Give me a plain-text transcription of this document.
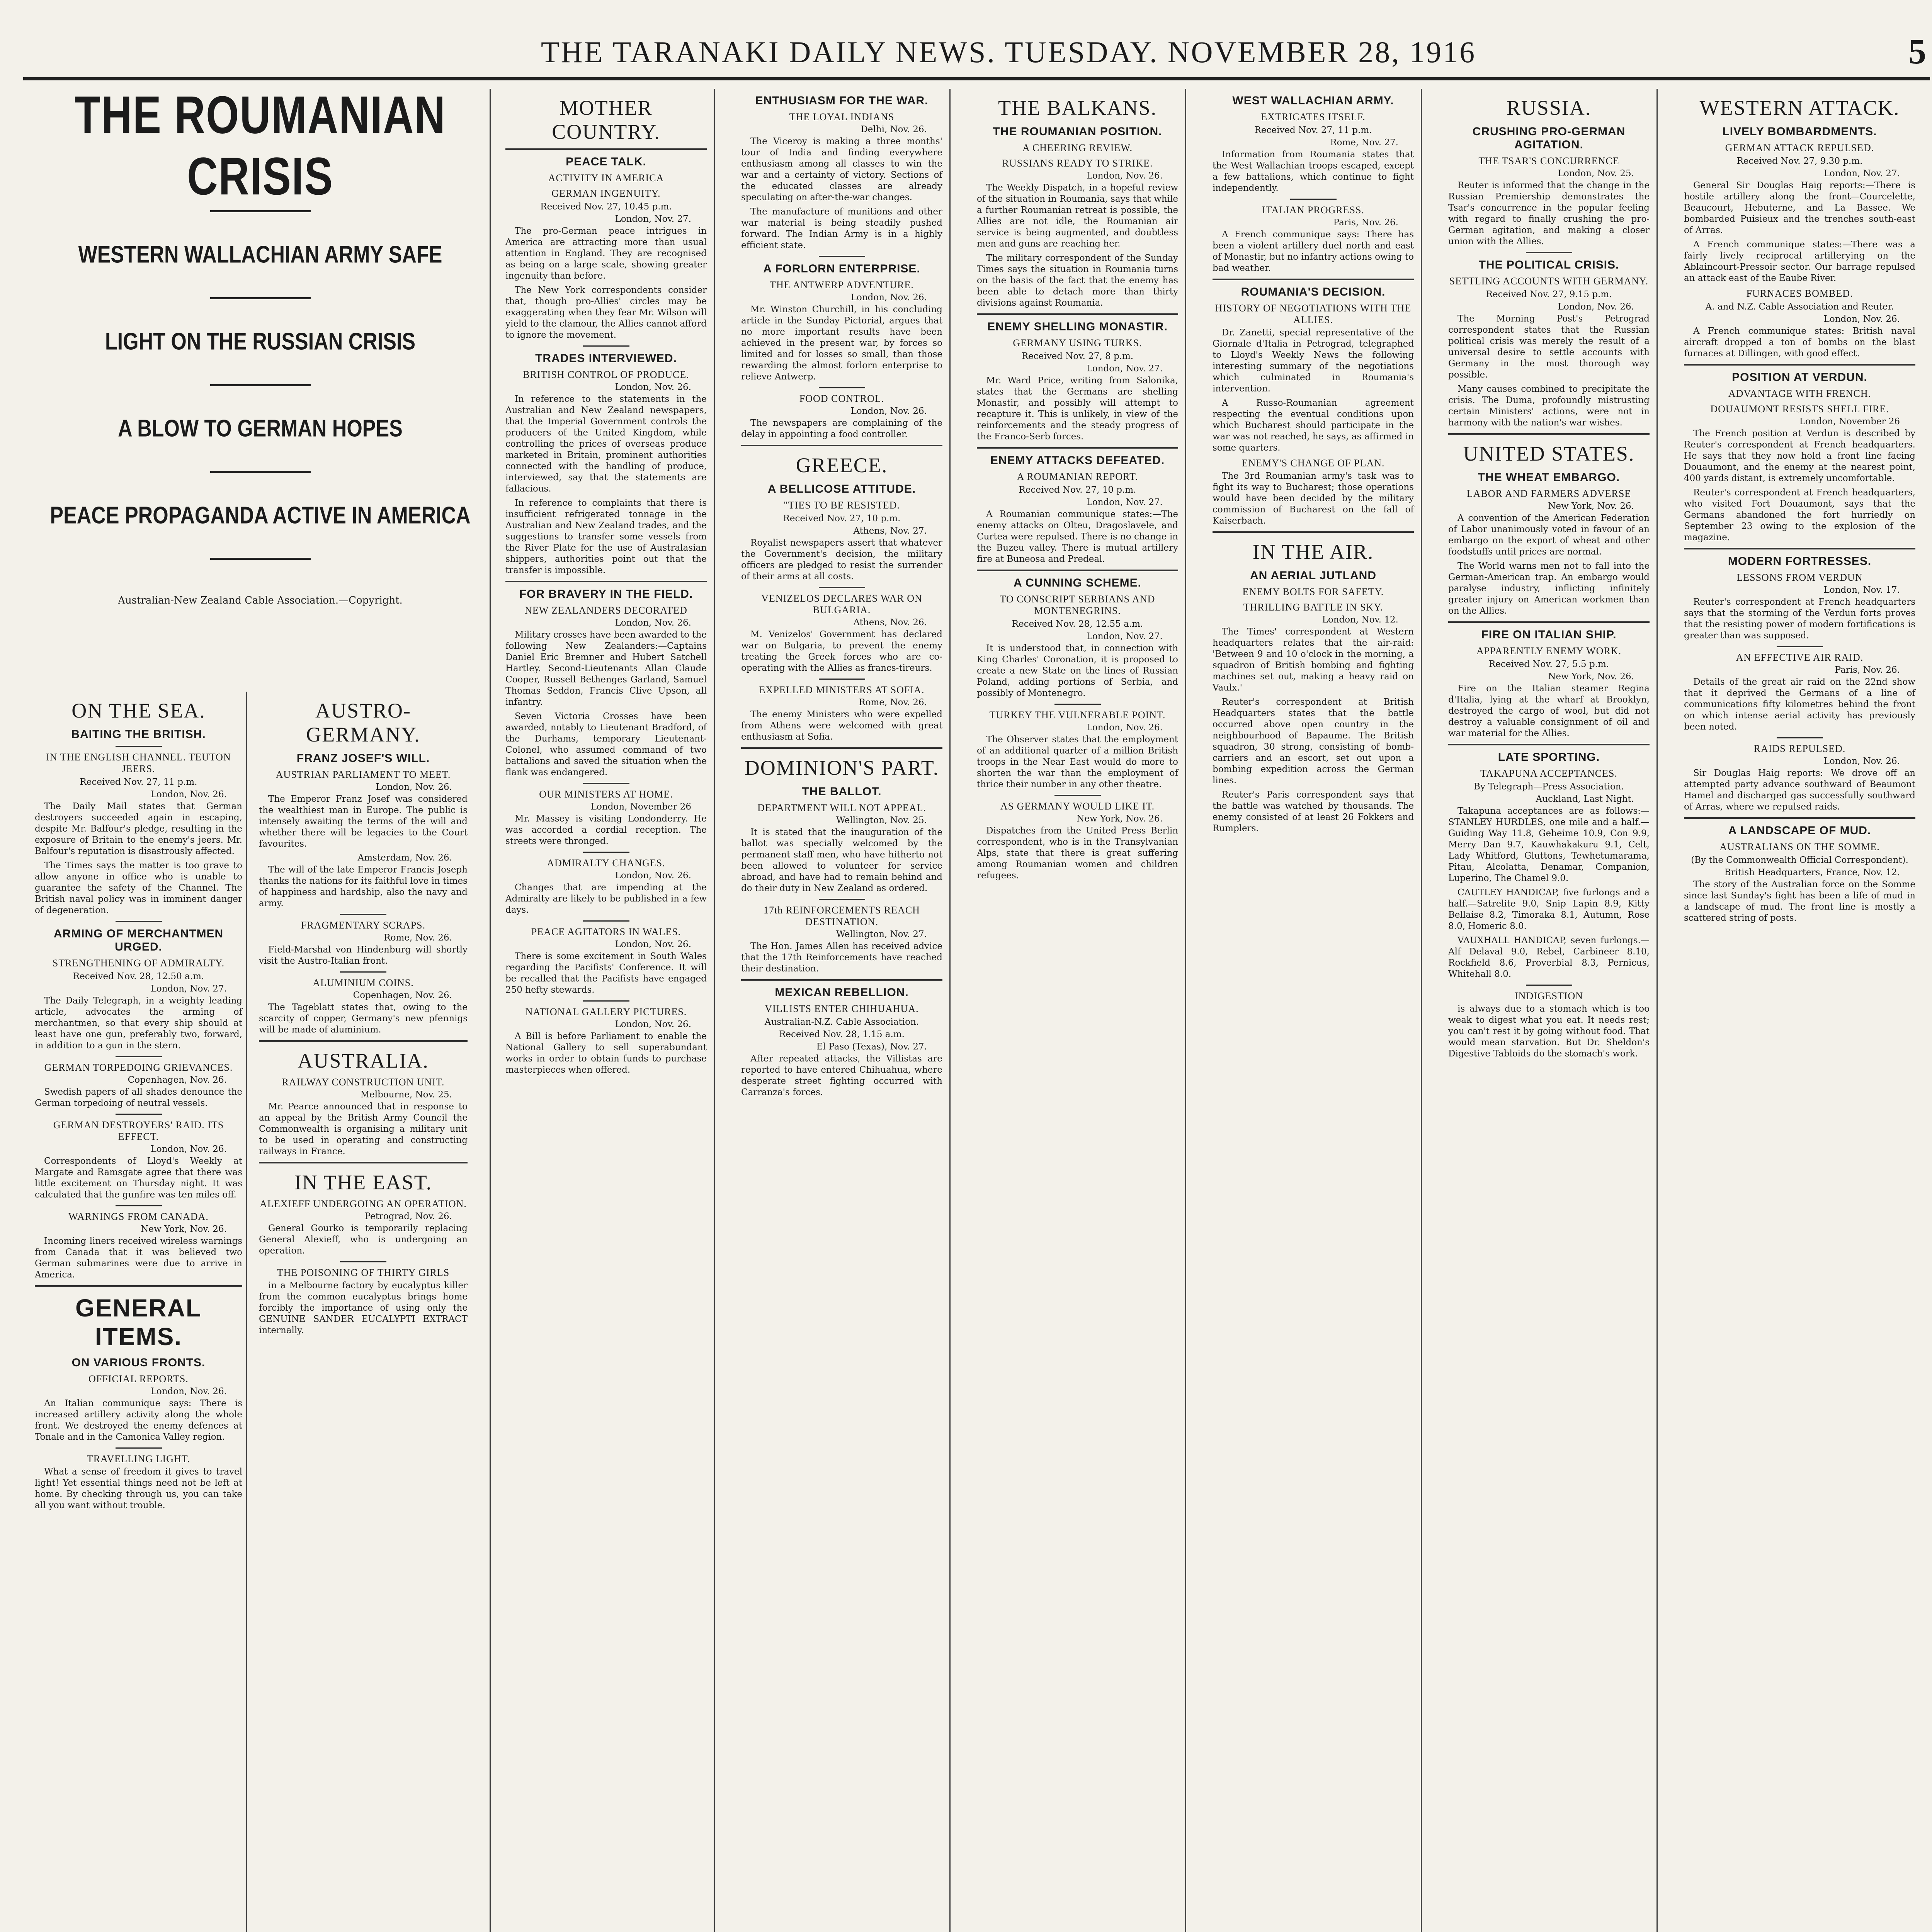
THE TARANAKI DAILY NEWS. TUESDAY. NOVEMBER 28, 1916	5
THE ROUMANIAN CRISIS
WESTERN WALLACHIAN ARMY SAFE
LIGHT ON THE RUSSIAN CRISIS
A BLOW TO GERMAN HOPES
PEACE PROPAGANDA ACTIVE IN AMERICA
Australian-New Zealand Cable Association.—Copyright.
ON THE SEA.
BAITING THE BRITISH.
IN THE ENGLISH CHANNEL. TEUTON JEERS.
Received Nov. 27, 11 p.m.
London, Nov. 26.

The Daily Mail states that German destroyers succeeded again in escaping, despite Mr. Balfour's pledge, resulting in the exposure of Britain to the enemy's jeers. Mr. Balfour's reputation is disastrously affected.

The Times says the matter is too grave to allow anyone in office who is unable to guarantee the safety of the Channel. The British naval policy was in imminent danger of degeneration.

ARMING OF MERCHANTMEN URGED.
STRENGTHENING OF ADMIRALTY.
Received Nov. 28, 12.50 a.m.
London, Nov. 27.

The Daily Telegraph, in a weighty leading article, advocates the arming of merchantmen, so that every ship should at least have one gun, preferably two, forward, in addition to a gun in the stern.

GERMAN TORPEDOING GRIEVANCES.
Copenhagen, Nov. 26.

Swedish papers of all shades denounce the German torpedoing of neutral vessels.

GERMAN DESTROYERS' RAID. ITS EFFECT.
London, Nov. 26.

Correspondents of Lloyd's Weekly at Margate and Ramsgate agree that there was little excitement on Thursday night. It was calculated that the gunfire was ten miles off.

WARNINGS FROM CANADA.
New York, Nov. 26.

Incoming liners received wireless warnings from Canada that it was believed two German submarines were due to arrive in America.

GENERAL ITEMS.
ON VARIOUS FRONTS.
OFFICIAL REPORTS.
London, Nov. 26.

An Italian communique says: There is increased artillery activity along the whole front. We destroyed the enemy defences at Tonale and in the Camonica Valley region.

TRAVELLING LIGHT.

What a sense of freedom it gives to travel light! Yet essential things need not be left at home. By checking through us, you can take all you want without trouble.

AUSTRO-GERMANY.
FRANZ JOSEF'S WILL.
AUSTRIAN PARLIAMENT TO MEET.
London, Nov. 26.

The Emperor Franz Josef was considered the wealthiest man in Europe. The public is intensely awaiting the terms of the will and whether there will be legacies to the Court favourites.

Amsterdam, Nov. 26.

The will of the late Emperor Francis Joseph thanks the nations for its faithful love in times of happiness and hardship, also the navy and army.

FRAGMENTARY SCRAPS.
Rome, Nov. 26.

Field-Marshal von Hindenburg will shortly visit the Austro-Italian front.

ALUMINIUM COINS.
Copenhagen, Nov. 26.

The Tageblatt states that, owing to the scarcity of copper, Germany's new pfennigs will be made of aluminium.

AUSTRALIA.
RAILWAY CONSTRUCTION UNIT.
Melbourne, Nov. 25.

Mr. Pearce announced that in response to an appeal by the British Army Council the Commonwealth is organising a military unit to be used in operating and constructing railways in France.

IN THE EAST.
ALEXIEFF UNDERGOING AN OPERATION.
Petrograd, Nov. 26.

General Gourko is temporarily replacing General Alexieff, who is undergoing an operation.

THE POISONING OF THIRTY GIRLS

in a Melbourne factory by eucalyptus killer from the common eucalyptus brings home forcibly the importance of using only the GENUINE SANDER EUCALYPTI EXTRACT internally.

MOTHER COUNTRY.
PEACE TALK.
ACTIVITY IN AMERICA
GERMAN INGENUITY.
Received Nov. 27, 10.45 p.m.
London, Nov. 27.

The pro-German peace intrigues in America are attracting more than usual attention in England. They are recognised as being on a large scale, showing greater ingenuity than before.

The New York correspondents consider that, though pro-Allies' circles may be exaggerating when they fear Mr. Wilson will yield to the clamour, the Allies cannot afford to ignore the movement.

TRADES INTERVIEWED.
BRITISH CONTROL OF PRODUCE.
London, Nov. 26.

In reference to the statements in the Australian and New Zealand newspapers, that the Imperial Government controls the producers of the United Kingdom, while controlling the prices of overseas produce marketed in Britain, prominent authorities connected with the handling of produce, interviewed, say that the statements are fallacious.

In reference to complaints that there is insufficient refrigerated tonnage in the Australian and New Zealand trades, and the suggestions to transfer some vessels from the River Plate for the use of Australasian shippers, authorities point out that the transfer is impossible.

FOR BRAVERY IN THE FIELD.
NEW ZEALANDERS DECORATED
London, Nov. 26.

Military crosses have been awarded to the following New Zealanders:—Captains Daniel Eric Bremner and Hubert Satchell Hartley. Second-Lieutenants Allan Claude Cooper, Russell Bethenges Garland, Samuel Thomas Seddon, Francis Clive Upson, all infantry.

Seven Victoria Crosses have been awarded, notably to Lieutenant Bradford, of the Durhams, temporary Lieutenant-Colonel, who assumed command of two battalions and saved the situation when the flank was endangered.

OUR MINISTERS AT HOME.
London, November 26

Mr. Massey is visiting Londonderry. He was accorded a cordial reception. The streets were thronged.

ADMIRALTY CHANGES.
London, Nov. 26.

Changes that are impending at the Admiralty are likely to be published in a few days.

PEACE AGITATORS IN WALES.
London, Nov. 26.

There is some excitement in South Wales regarding the Pacifists' Conference. It will be recalled that the Pacifists have engaged 250 hefty stewards.

NATIONAL GALLERY PICTURES.
London, Nov. 26.

A Bill is before Parliament to enable the National Gallery to sell superabundant works in order to obtain funds to purchase masterpieces when offered.

ENTHUSIASM FOR THE WAR.
THE LOYAL INDIANS
Delhi, Nov. 26.

The Viceroy is making a three months' tour of India and finding everywhere enthusiasm among all classes to win the war and a certainty of victory. Sections of the educated classes are already speculating on after-the-war changes.

The manufacture of munitions and other war material is being steadily pushed forward. The Indian Army is in a highly efficient state.

A FORLORN ENTERPRISE.
THE ANTWERP ADVENTURE.
London, Nov. 26.

Mr. Winston Churchill, in his concluding article in the Sunday Pictorial, argues that no more important results have been achieved in the present war, by forces so limited and for losses so small, than those rewarding the almost forlorn enterprise to relieve Antwerp.

FOOD CONTROL.
London, Nov. 26.

The newspapers are complaining of the delay in appointing a food controller.

GREECE.
A BELLICOSE ATTITUDE.
"TIES TO BE RESISTED.
Received Nov. 27, 10 p.m.
Athens, Nov. 27.

Royalist newspapers assert that whatever the Government's decision, the military officers are pledged to resist the surrender of their arms at all costs.

VENIZELOS DECLARES WAR ON BULGARIA.
Athens, Nov. 26.

M. Venizelos' Government has declared war on Bulgaria, to prevent the enemy treating the Greek forces who are co-operating with the Allies as francs-tireurs.

EXPELLED MINISTERS AT SOFIA.
Rome, Nov. 26.

The enemy Ministers who were expelled from Athens were welcomed with great enthusiasm at Sofia.

DOMINION'S PART.
THE BALLOT.
DEPARTMENT WILL NOT APPEAL.
Wellington, Nov. 25.

It is stated that the inauguration of the ballot was specially welcomed by the permanent staff men, who have hitherto not been allowed to volunteer for service abroad, and have had to remain behind and do their duty in New Zealand as ordered.

17th REINFORCEMENTS REACH DESTINATION.
Wellington, Nov. 27.

The Hon. James Allen has received advice that the 17th Reinforcements have reached their destination.

MEXICAN REBELLION.
VILLISTS ENTER CHIHUAHUA.
Australian-N.Z. Cable Association.
Received Nov. 28, 1.15 a.m.
El Paso (Texas), Nov. 27.

After repeated attacks, the Villistas are reported to have entered Chihuahua, where desperate street fighting occurred with Carranza's forces.

THE BALKANS.
THE ROUMANIAN POSITION.
A CHEERING REVIEW.
RUSSIANS READY TO STRIKE.
London, Nov. 26.

The Weekly Dispatch, in a hopeful review of the situation in Roumania, says that while a further Roumanian retreat is possible, the Allies are not idle, the Roumanian air service is being augmented, and doubtless men and guns are reaching her.

The military correspondent of the Sunday Times says the situation in Roumania turns on the basis of the fact that the enemy has been able to detach more than thirty divisions against Roumania.

ENEMY SHELLING MONASTIR.
GERMANY USING TURKS.
Received Nov. 27, 8 p.m.
London, Nov. 27.

Mr. Ward Price, writing from Salonika, states that the Germans are shelling Monastir, and possibly will attempt to recapture it. This is unlikely, in view of the reinforcements and the steady progress of the Franco-Serb forces.

ENEMY ATTACKS DEFEATED.
A ROUMANIAN REPORT.
Received Nov. 27, 10 p.m.
London, Nov. 27.

A Roumanian communique states:—The enemy attacks on Olteu, Dragoslavele, and Curtea were repulsed. There is no change in the Buzeu valley. There is mutual artillery fire at Buneosa and Predeal.

A CUNNING SCHEME.
TO CONSCRIPT SERBIANS AND MONTENEGRINS.
Received Nov. 28, 12.55 a.m.
London, Nov. 27.

It is understood that, in connection with King Charles' Coronation, it is proposed to create a new State on the lines of Russian Poland, adding portions of Serbia, and possibly of Montenegro.

TURKEY THE VULNERABLE POINT.
London, Nov. 26.

The Observer states that the employment of an additional quarter of a million British troops in the Near East would do more to shorten the war than the employment of thrice their number in any other theatre.

AS GERMANY WOULD LIKE IT.
New York, Nov. 26.

Dispatches from the United Press Berlin correspondent, who is in the Transylvanian Alps, state that there is great suffering among Roumanian women and children refugees.

WEST WALLACHIAN ARMY.
EXTRICATES ITSELF.
Received Nov. 27, 11 p.m.
Rome, Nov. 27.

Information from Roumania states that the West Wallachian troops escaped, except a few battalions, which continue to fight independently.

ITALIAN PROGRESS.
Paris, Nov. 26.

A French communique says: There has been a violent artillery duel north and east of Monastir, but no infantry actions owing to bad weather.

ROUMANIA'S DECISION.
HISTORY OF NEGOTIATIONS WITH THE ALLIES.

Dr. Zanetti, special representative of the Giornale d'Italia in Petrograd, telegraphed to Lloyd's Weekly News the following interesting summary of the negotiations which culminated in Roumania's intervention.

A Russo-Roumanian agreement respecting the eventual conditions upon which Bucharest should participate in the war was not reached, he says, as affirmed in some quarters.

ENEMY'S CHANGE OF PLAN.

The 3rd Roumanian army's task was to fight its way to Bucharest; those operations would have been decided by the military commission of Bucharest on the fall of Kaiserbach.

IN THE AIR.
AN AERIAL JUTLAND
ENEMY BOLTS FOR SAFETY.
THRILLING BATTLE IN SKY.
London, Nov. 12.

The Times' correspondent at Western headquarters relates that the air-raid: 'Between 9 and 10 o'clock in the morning, a squadron of British bombing and fighting machines set out, making a heavy raid on Vaulx.'

Reuter's correspondent at British Headquarters states that the battle occurred above open country in the neighbourhood of Bapaume. The British squadron, 30 strong, consisting of bomb-carriers and an escort, set out upon a bombing expedition across the German lines.

Reuter's Paris correspondent says that the battle was watched by thousands. The enemy consisted of at least 26 Fokkers and Rumplers.

RUSSIA.
CRUSHING PRO-GERMAN AGITATION.
THE TSAR'S CONCURRENCE
London, Nov. 25.

Reuter is informed that the change in the Russian Premiership demonstrates the Tsar's concurrence in the popular feeling with regard to finally crushing the pro-German agitation, and making a closer union with the Allies.

THE POLITICAL CRISIS.
SETTLING ACCOUNTS WITH GERMANY.
Received Nov. 27, 9.15 p.m.
London, Nov. 26.

The Morning Post's Petrograd correspondent states that the Russian political crisis was merely the result of a universal desire to settle accounts with Germany in the most thorough way possible.

Many causes combined to precipitate the crisis. The Duma, profoundly mistrusting certain Ministers' actions, were not in harmony with the nation's war wishes.

UNITED STATES.
THE WHEAT EMBARGO.
LABOR AND FARMERS ADVERSE
New York, Nov. 26.

A convention of the American Federation of Labor unanimously voted in favour of an embargo on the export of wheat and other foodstuffs until prices are normal.

The World warns men not to fall into the German-American trap. An embargo would paralyse industry, inflicting infinitely greater injury on American workmen than on the Allies.

FIRE ON ITALIAN SHIP.
APPARENTLY ENEMY WORK.
Received Nov. 27, 5.5 p.m.
New York, Nov. 26.

Fire on the Italian steamer Regina d'Italia, lying at the wharf at Brooklyn, destroyed the cargo of wool, but did not destroy a valuable consignment of oil and war material for the Allies.

LATE SPORTING.
TAKAPUNA ACCEPTANCES.
By Telegraph—Press Association.
Auckland, Last Night.

Takapuna acceptances are as follows:—STANLEY HURDLES, one mile and a half.—Guiding Way 11.8, Geheime 10.9, Con 9.9, Merry Dan 9.7, Kauwhakakuru 9.1, Celt, Lady Whitford, Gluttons, Tewhetumarama, Pitau, Alcolatta, Denamar, Companion, Luperino, The Chamel 9.0.

CAUTLEY HANDICAP, five furlongs and a half.—Satrelite 9.0, Snip Lapin 8.9, Kitty Bellaise 8.2, Timoraka 8.1, Autumn, Rose 8.0, Homeric 8.0.

VAUXHALL HANDICAP, seven furlongs.—Alf Delaval 9.0, Rebel, Carbineer 8.10, Rockfield 8.6, Proverbial 8.3, Pernicus, Whitehall 8.0.

INDIGESTION

is always due to a stomach which is too weak to digest what you eat. It needs rest; you can't rest it by going without food. That would mean starvation. But Dr. Sheldon's Digestive Tabloids do the stomach's work.

WESTERN ATTACK.
LIVELY BOMBARDMENTS.
GERMAN ATTACK REPULSED.
Received Nov. 27, 9.30 p.m.
London, Nov. 27.

General Sir Douglas Haig reports:—There is hostile artillery along the front—Courcelette, Beaucourt, Hebuterne, and La Bassee. We bombarded Puisieux and the trenches south-east of Arras.

A French communique states:—There was a fairly lively reciprocal artillerying on the Ablaincourt-Pressoir sector. Our barrage repulsed an attack east of the Eaube River.

FURNACES BOMBED.
A. and N.Z. Cable Association and Reuter.
London, Nov. 26.

A French communique states: British naval aircraft dropped a ton of bombs on the blast furnaces at Dillingen, with good effect.

POSITION AT VERDUN.
ADVANTAGE WITH FRENCH.
DOUAUMONT RESISTS SHELL FIRE.
London, November 26

The French position at Verdun is described by Reuter's correspondent at French headquarters. He says that they now hold a front line facing Douaumont, and the enemy at the nearest point, 400 yards distant, is extremely uncomfortable.

Reuter's correspondent at French headquarters, who visited Fort Douaumont, says that the Germans abandoned the fort hurriedly on September 23 owing to the explosion of the magazine.

MODERN FORTRESSES.
LESSONS FROM VERDUN
London, Nov. 17.

Reuter's correspondent at French headquarters says that the storming of the Verdun forts proves that the resisting power of modern fortifications is greater than was supposed.

AN EFFECTIVE AIR RAID.
Paris, Nov. 26.

Details of the great air raid on the 22nd show that it deprived the Germans of a line of communications fifty kilometres behind the front on which intense aerial activity has previously been noted.

RAIDS REPULSED.
London, Nov. 26.

Sir Douglas Haig reports: We drove off an attempted party advance southward of Beaumont Hamel and discharged gas successfully southward of Arras, where we repulsed raids.

A LANDSCAPE OF MUD.
AUSTRALIANS ON THE SOMME.
(By the Commonwealth Official Correspondent).
British Headquarters, France, Nov. 12.

The story of the Australian force on the Somme since last Sunday's fight has been a life of mud in a landscape of mud. The front line is mostly a scattered string of posts.
